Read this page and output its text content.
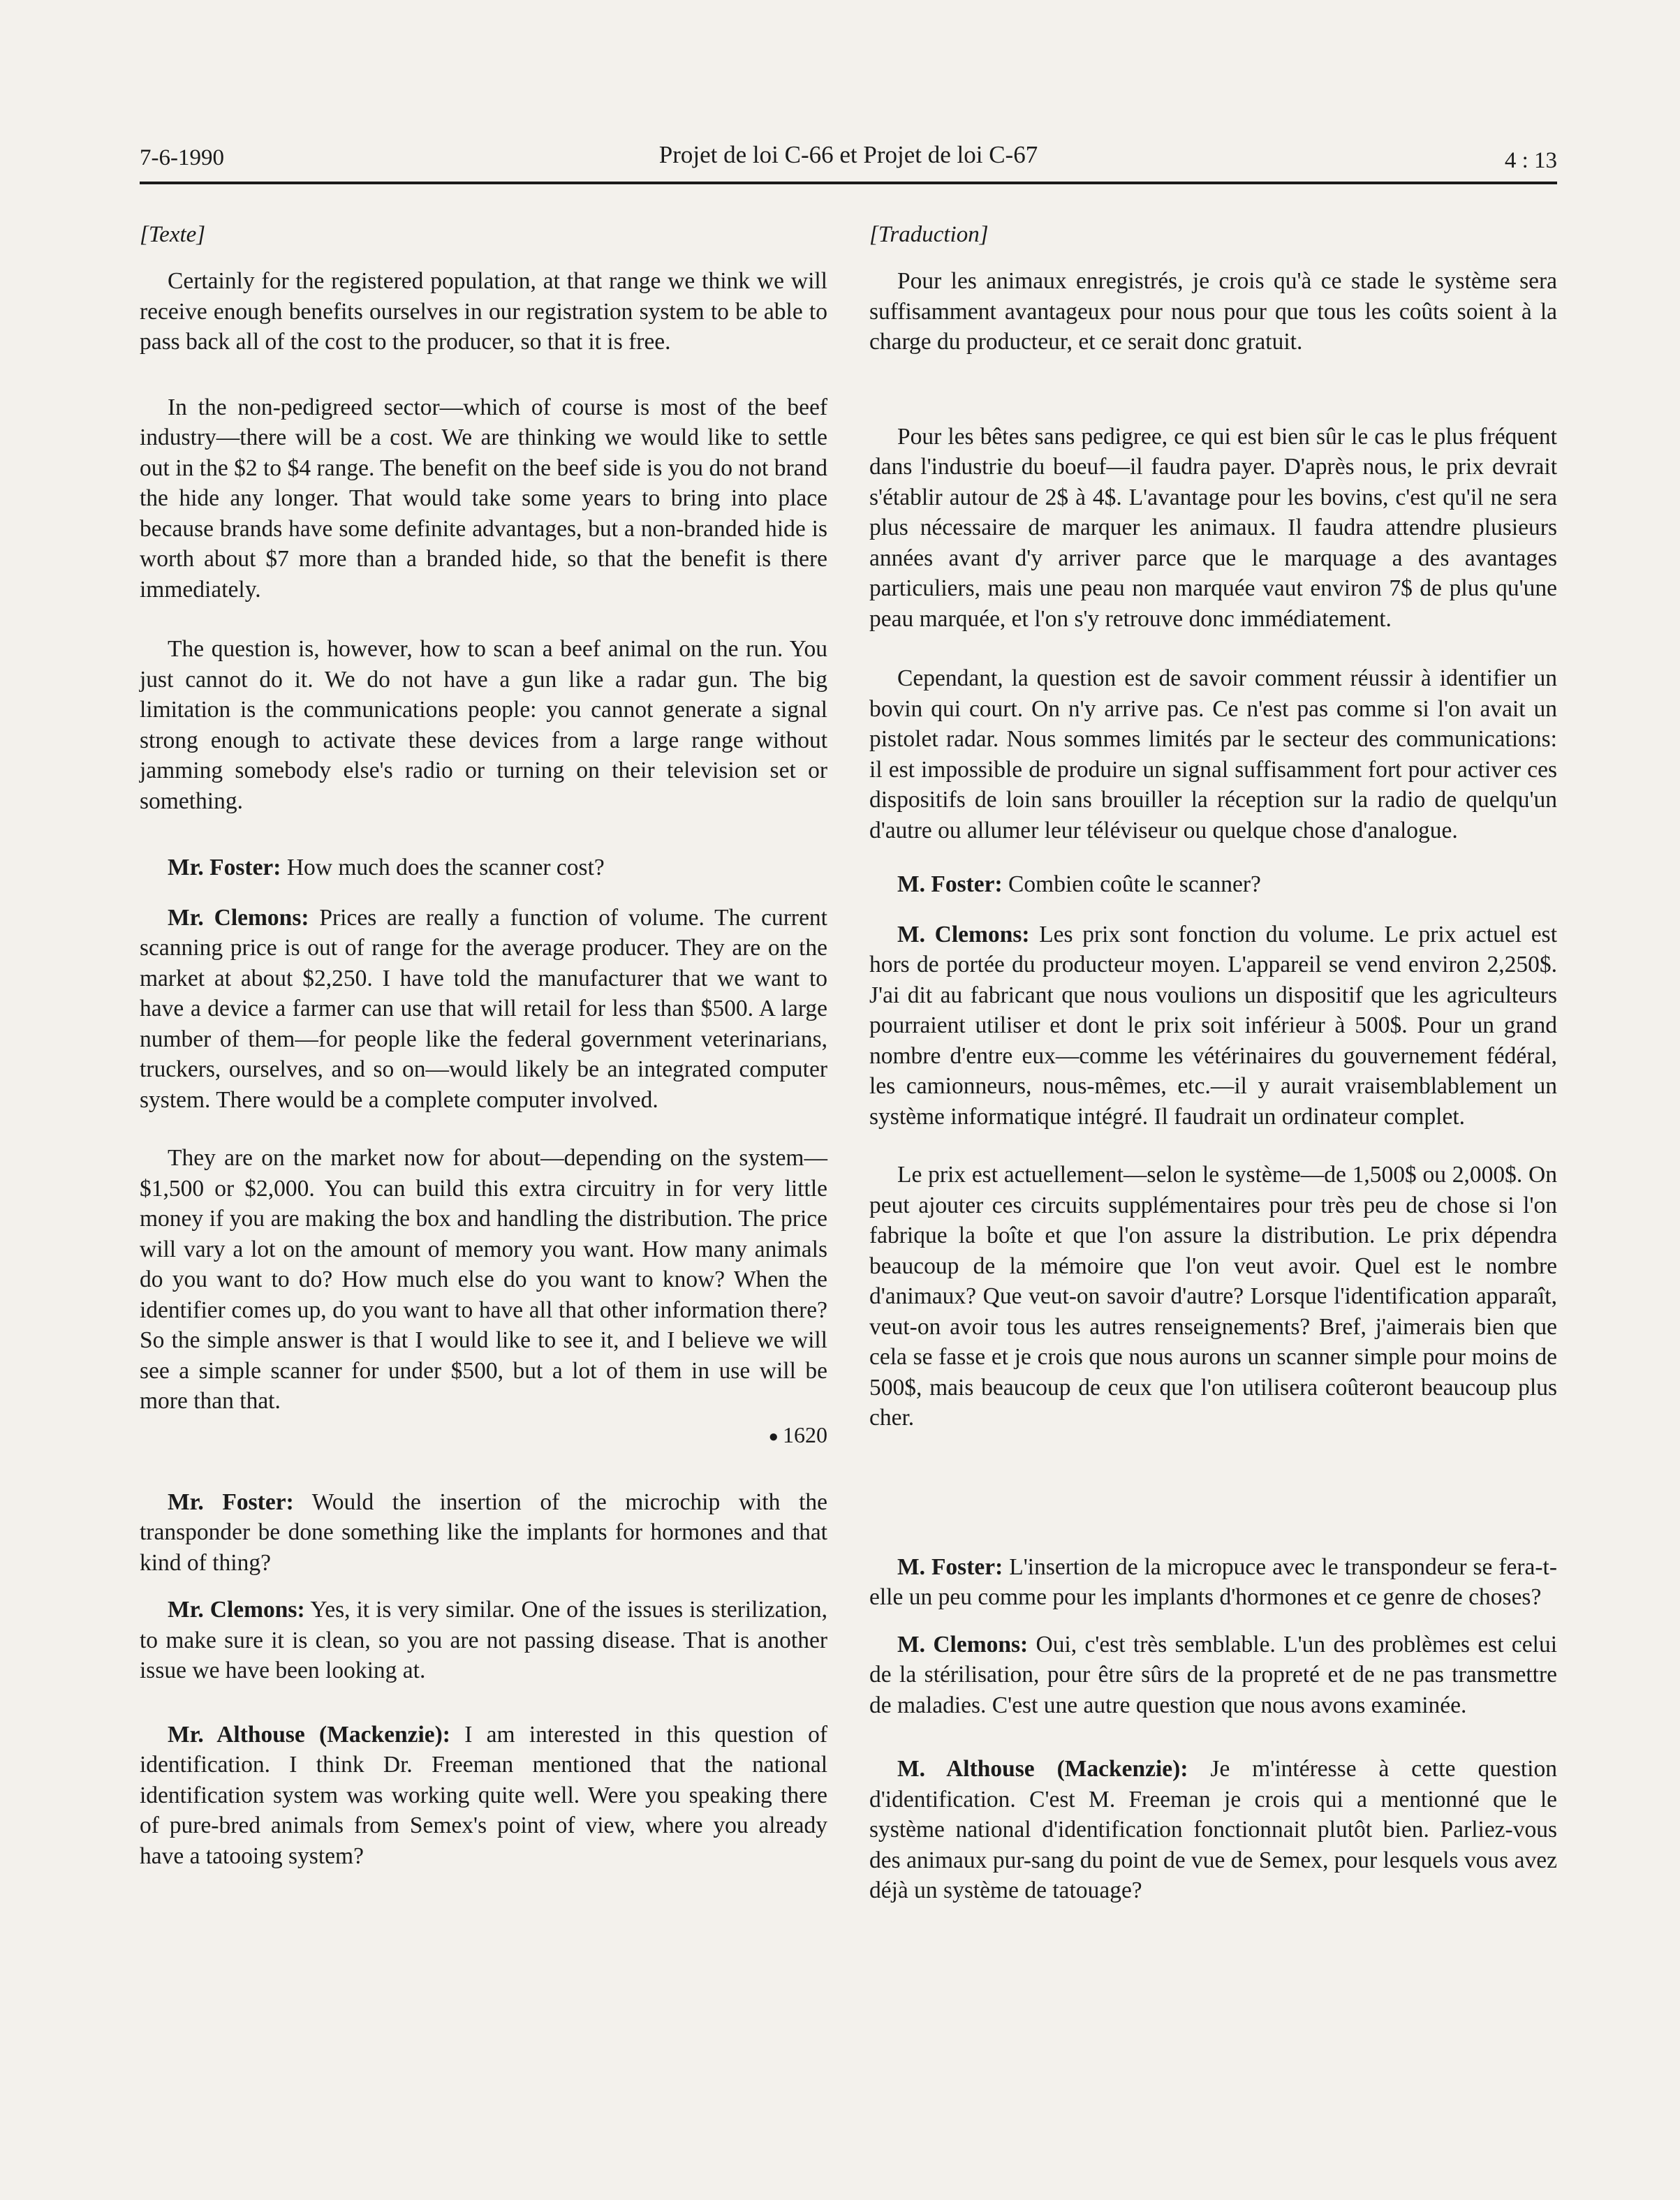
7-6-1990	Projet de loi C-66 et Projet de loi C-67	4 : 13
[Texte]

Certainly for the registered population, at that range we think we will receive enough benefits ourselves in our registration system to be able to pass back all of the cost to the producer, so that it is free.

In the non-pedigreed sector—which of course is most of the beef industry—there will be a cost. We are thinking we would like to settle out in the $2 to $4 range. The benefit on the beef side is you do not brand the hide any longer. That would take some years to bring into place because brands have some definite advantages, but a non-branded hide is worth about $7 more than a branded hide, so that the benefit is there immediately.

The question is, however, how to scan a beef animal on the run. You just cannot do it. We do not have a gun like a radar gun. The big limitation is the communications people: you cannot generate a signal strong enough to activate these devices from a large range without jamming somebody else's radio or turning on their television set or something.

Mr. Foster: How much does the scanner cost?

Mr. Clemons: Prices are really a function of volume. The current scanning price is out of range for the average producer. They are on the market at about $2,250. I have told the manufacturer that we want to have a device a farmer can use that will retail for less than $500. A large number of them—for people like the federal government veterinarians, truckers, ourselves, and so on—would likely be an integrated computer system. There would be a complete computer involved.

They are on the market now for about—depending on the system—$1,500 or $2,000. You can build this extra circuitry in for very little money if you are making the box and handling the distribution. The price will vary a lot on the amount of memory you want. How many animals do you want to do? How much else do you want to know? When the identifier comes up, do you want to have all that other information there? So the simple answer is that I would like to see it, and I believe we will see a simple scanner for under $500, but a lot of them in use will be more than that.

● 1620

Mr. Foster: Would the insertion of the microchip with the transponder be done something like the implants for hormones and that kind of thing?

Mr. Clemons: Yes, it is very similar. One of the issues is sterilization, to make sure it is clean, so you are not passing disease. That is another issue we have been looking at.

Mr. Althouse (Mackenzie): I am interested in this question of identification. I think Dr. Freeman mentioned that the national identification system was working quite well. Were you speaking there of pure-bred animals from Semex's point of view, where you already have a tatooing system?

[Traduction]

Pour les animaux enregistrés, je crois qu'à ce stade le système sera suffisamment avantageux pour nous pour que tous les coûts soient à la charge du producteur, et ce serait donc gratuit.

Pour les bêtes sans pedigree, ce qui est bien sûr le cas le plus fréquent dans l'industrie du boeuf—il faudra payer. D'après nous, le prix devrait s'établir autour de 2$ à 4$. L'avantage pour les bovins, c'est qu'il ne sera plus nécessaire de marquer les animaux. Il faudra attendre plusieurs années avant d'y arriver parce que le marquage a des avantages particuliers, mais une peau non marquée vaut environ 7$ de plus qu'une peau marquée, et l'on s'y retrouve donc immédiatement.

Cependant, la question est de savoir comment réussir à identifier un bovin qui court. On n'y arrive pas. Ce n'est pas comme si l'on avait un pistolet radar. Nous sommes limités par le secteur des communications: il est impossible de produire un signal suffisamment fort pour activer ces dispositifs de loin sans brouiller la réception sur la radio de quelqu'un d'autre ou allumer leur téléviseur ou quelque chose d'analogue.

M. Foster: Combien coûte le scanner?

M. Clemons: Les prix sont fonction du volume. Le prix actuel est hors de portée du producteur moyen. L'appareil se vend environ 2,250$. J'ai dit au fabricant que nous voulions un dispositif que les agriculteurs pourraient utiliser et dont le prix soit inférieur à 500$. Pour un grand nombre d'entre eux—comme les vétérinaires du gouvernement fédéral, les camionneurs, nous-mêmes, etc.—il y aurait vraisemblablement un système informatique intégré. Il faudrait un ordinateur complet.

Le prix est actuellement—selon le système—de 1,500$ ou 2,000$. On peut ajouter ces circuits supplémentaires pour très peu de chose si l'on fabrique la boîte et que l'on assure la distribution. Le prix dépendra beaucoup de la mémoire que l'on veut avoir. Quel est le nombre d'animaux? Que veut-on savoir d'autre? Lorsque l'identification apparaît, veut-on avoir tous les autres renseignements? Bref, j'aimerais bien que cela se fasse et je crois que nous aurons un scanner simple pour moins de 500$, mais beaucoup de ceux que l'on utilisera coûteront beaucoup plus cher.

M. Foster: L'insertion de la micropuce avec le transpondeur se fera-t-elle un peu comme pour les implants d'hormones et ce genre de choses?

M. Clemons: Oui, c'est très semblable. L'un des problèmes est celui de la stérilisation, pour être sûrs de la propreté et de ne pas transmettre de maladies. C'est une autre question que nous avons examinée.

M. Althouse (Mackenzie): Je m'intéresse à cette question d'identification. C'est M. Freeman je crois qui a mentionné que le système national d'identification fonctionnait plutôt bien. Parliez-vous des animaux pur-sang du point de vue de Semex, pour lesquels vous avez déjà un système de tatouage?
